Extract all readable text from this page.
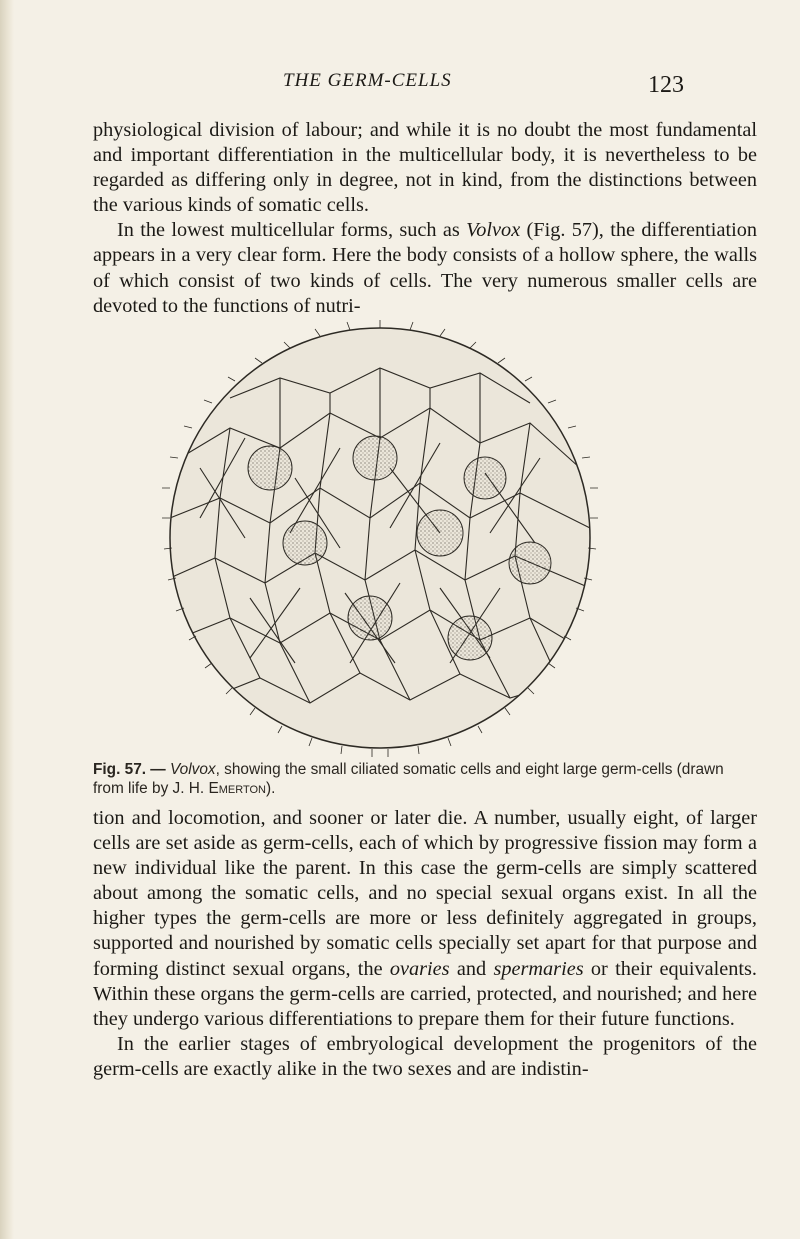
THE GERM-CELLS	123

physiological division of labour; and while it is no doubt the most fundamental and important differentiation in the multicellular body, it is nevertheless to be regarded as differing only in degree, not in kind, from the distinctions between the various kinds of somatic cells.

In the lowest multicellular forms, such as Volvox (Fig. 57), the differentiation appears in a very clear form. Here the body consists of a hollow sphere, the walls of which consist of two kinds of cells. The very numerous smaller cells are devoted to the functions of nutri-

Fig. 57. — Volvox, showing the small ciliated somatic cells and eight large germ-cells (drawn from life by J. H. Emerton).

tion and locomotion, and sooner or later die. A number, usually eight, of larger cells are set aside as germ-cells, each of which by progressive fission may form a new individual like the parent. In this case the germ-cells are simply scattered about among the somatic cells, and no special sexual organs exist. In all the higher types the germ-cells are more or less definitely aggregated in groups, supported and nourished by somatic cells specially set apart for that purpose and forming distinct sexual organs, the ovaries and spermaries or their equivalents. Within these organs the germ-cells are carried, protected, and nourished; and here they undergo various differentiations to prepare them for their future functions.

In the earlier stages of embryological development the progenitors of the germ-cells are exactly alike in the two sexes and are indistin-
